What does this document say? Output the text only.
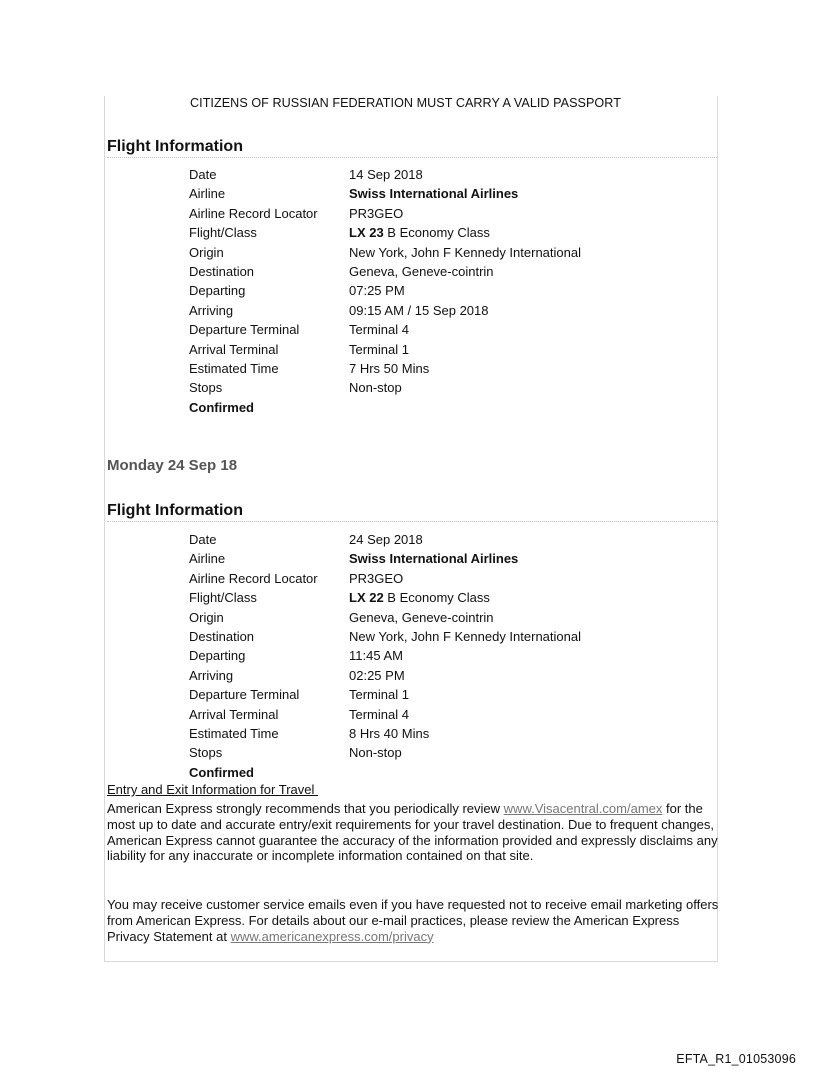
CITIZENS OF RUSSIAN FEDERATION MUST CARRY A VALID PASSPORT
Flight Information
Date	14 Sep 2018
Airline	Swiss International Airlines
Airline Record Locator	PR3GEO
Flight/Class	LX 23 B Economy Class
Origin	New York, John F Kennedy International
Destination	Geneva, Geneve-cointrin
Departing	07:25 PM
Arriving	09:15 AM / 15 Sep 2018
Departure Terminal	Terminal 4
Arrival Terminal	Terminal 1
Estimated Time	7 Hrs 50 Mins
Stops	Non-stop
Confirmed
Monday 24 Sep 18
Flight Information
Date	24 Sep 2018
Airline	Swiss International Airlines
Airline Record Locator	PR3GEO
Flight/Class	LX 22 B Economy Class
Origin	Geneva, Geneve-cointrin
Destination	New York, John F Kennedy International
Departing	11:45 AM
Arriving	02:25 PM
Departure Terminal	Terminal 1
Arrival Terminal	Terminal 4
Estimated Time	8 Hrs 40 Mins
Stops	Non-stop
Confirmed
Entry and Exit Information for Travel

American Express strongly recommends that you periodically review www.Visacentral.com/amex for the most up to date and accurate entry/exit requirements for your travel destination. Due to frequent changes, American Express cannot guarantee the accuracy of the information provided and expressly disclaims any liability for any inaccurate or incomplete information contained on that site.

You may receive customer service emails even if you have requested not to receive email marketing offers from American Express. For details about our e-mail practices, please review the American Express Privacy Statement at www.americanexpress.com/privacy

EFTA_R1_01053096
